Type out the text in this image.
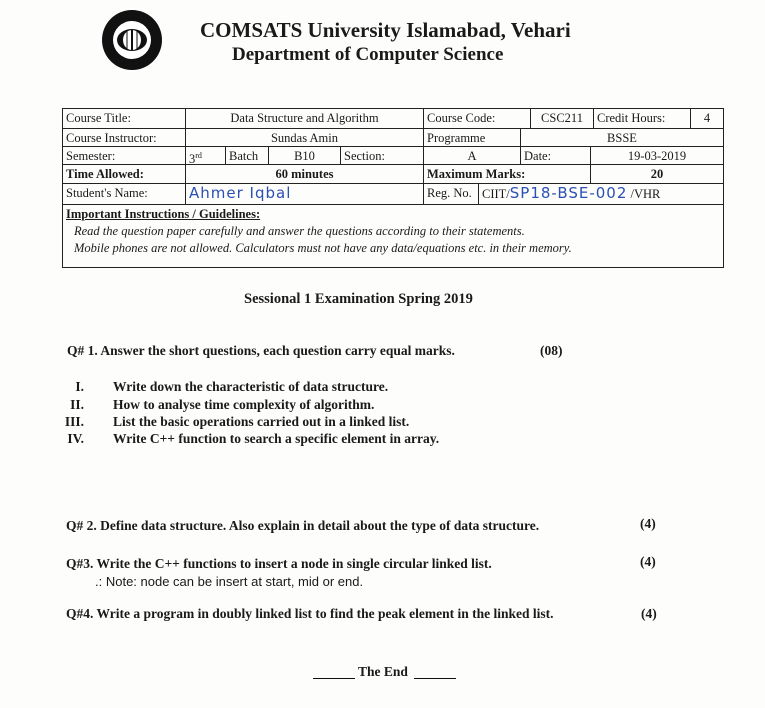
COMSATS University Islamabad, Vehari
Department of Computer Science
Course Title:	Data Structure and Algorithm	Course Code:	CSC211	Credit Hours:	4
Course Instructor:	Sundas Amin	Programme	BSSE
Semester:	3rd	Batch	B10	Section:	A	Date:	19-03-2019
Time Allowed:	60 minutes	Maximum Marks:	20
Student's Name:	Ahmer Iqbal	Reg. No. CIIT/SP18-BSE-002 /VHR
Important Instructions / Guidelines:
Read the question paper carefully and answer the questions according to their statements.
Mobile phones are not allowed. Calculators must not have any data/equations etc. in their memory.
Sessional 1 Examination Spring 2019
Q# 1. Answer the short questions, each question carry equal marks.	(08)
I. Write down the characteristic of data structure.
II. How to analyse time complexity of algorithm.
III. List the basic operations carried out in a linked list.
IV. Write C++ function to search a specific element in array.
Q# 2. Define data structure. Also explain in detail about the type of data structure.	(4)
Q#3. Write the C++ functions to insert a node in single circular linked list.	(4)
.: Note: node can be insert at start, mid or end.
Q#4. Write a program in doubly linked list to find the peak element in the linked list.	(4)
The End
